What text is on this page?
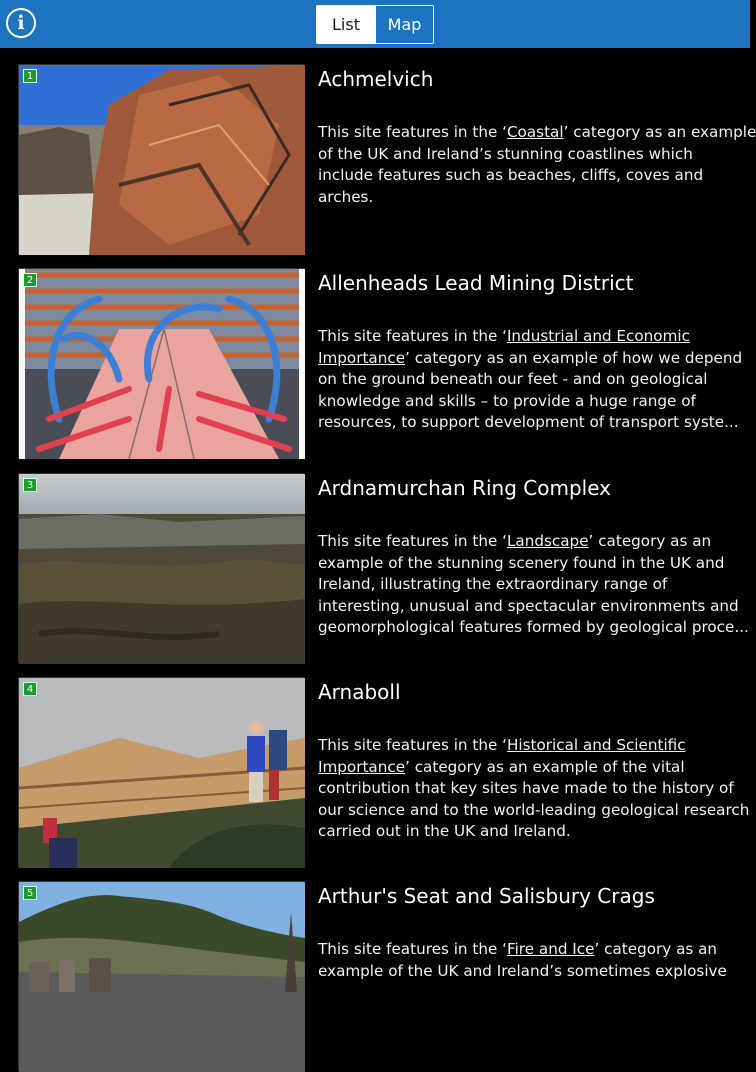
i	List	Map
1	Achmelvich
This site features in the ‘Coastal’ category as an example
of the UK and Ireland’s stunning coastlines which
include features such as beaches, cliffs, coves and
arches.
2	Allenheads Lead Mining District
This site features in the ‘Industrial and Economic
Importance’ category as an example of how we depend
on the ground beneath our feet - and on geological
knowledge and skills – to provide a huge range of
resources, to support development of transport syste...
3	Ardnamurchan Ring Complex
This site features in the ‘Landscape’ category as an
example of the stunning scenery found in the UK and
Ireland, illustrating the extraordinary range of
interesting, unusual and spectacular environments and
geomorphological features formed by geological proce...
4	Arnaboll
This site features in the ‘Historical and Scientific
Importance’ category as an example of the vital
contribution that key sites have made to the history of
our science and to the world-leading geological research
carried out in the UK and Ireland.
5	Arthur's Seat and Salisbury Crags
This site features in the ‘Fire and Ice’ category as an
example of the UK and Ireland’s sometimes explosive
